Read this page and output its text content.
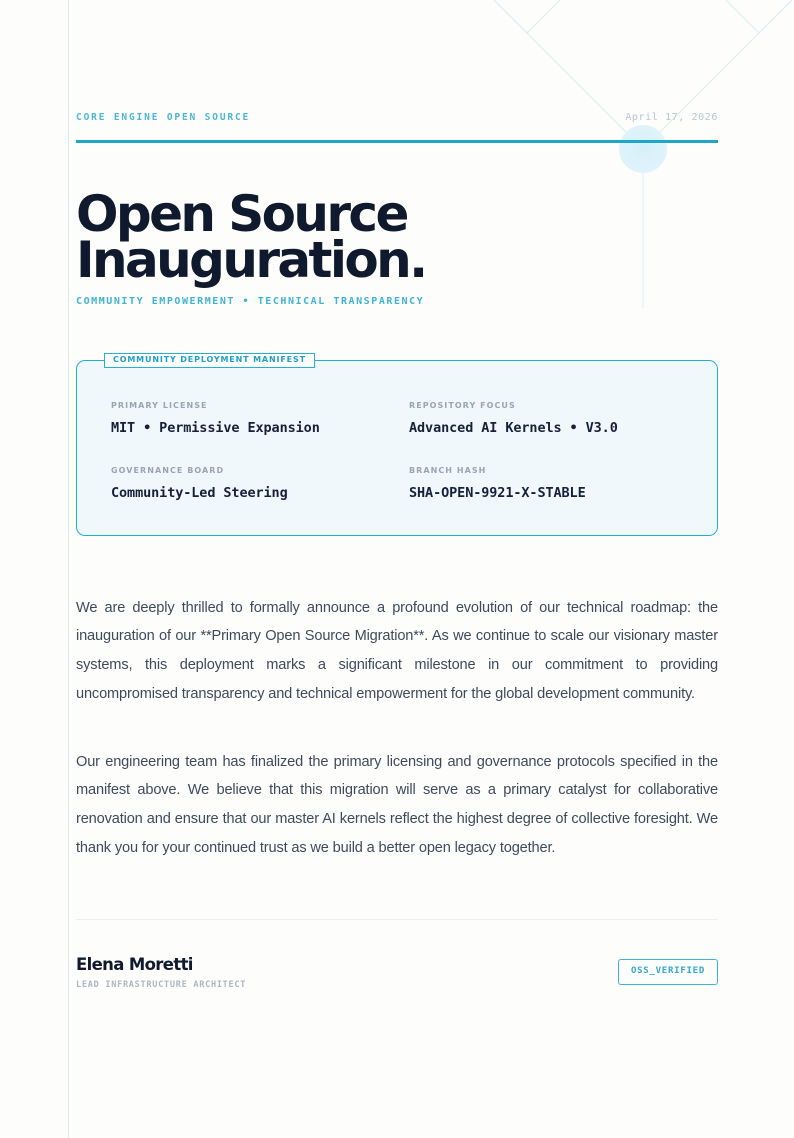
CORE ENGINE OPEN SOURCE	April 17, 2026
Open Source
Inauguration.
COMMUNITY EMPOWERMENT • TECHNICAL TRANSPARENCY
COMMUNITY DEPLOYMENT MANIFEST
PRIMARY LICENSE
MIT • Permissive Expansion
REPOSITORY FOCUS
Advanced AI Kernels • V3.0
GOVERNANCE BOARD
Community-Led Steering
BRANCH HASH
SHA-OPEN-9921-X-STABLE

We are deeply thrilled to formally announce a profound evolution of our technical roadmap: the inauguration of our **Primary Open Source Migration**. As we continue to scale our visionary master systems, this deployment marks a significant milestone in our commitment to providing uncompromised transparency and technical empowerment for the global development community.

Our engineering team has finalized the primary licensing and governance protocols specified in the manifest above. We believe that this migration will serve as a primary catalyst for collaborative renovation and ensure that our master AI kernels reflect the highest degree of collective foresight. We thank you for your continued trust as we build a better open legacy together.

Elena Moretti
LEAD INFRASTRUCTURE ARCHITECT
OSS_VERIFIED
